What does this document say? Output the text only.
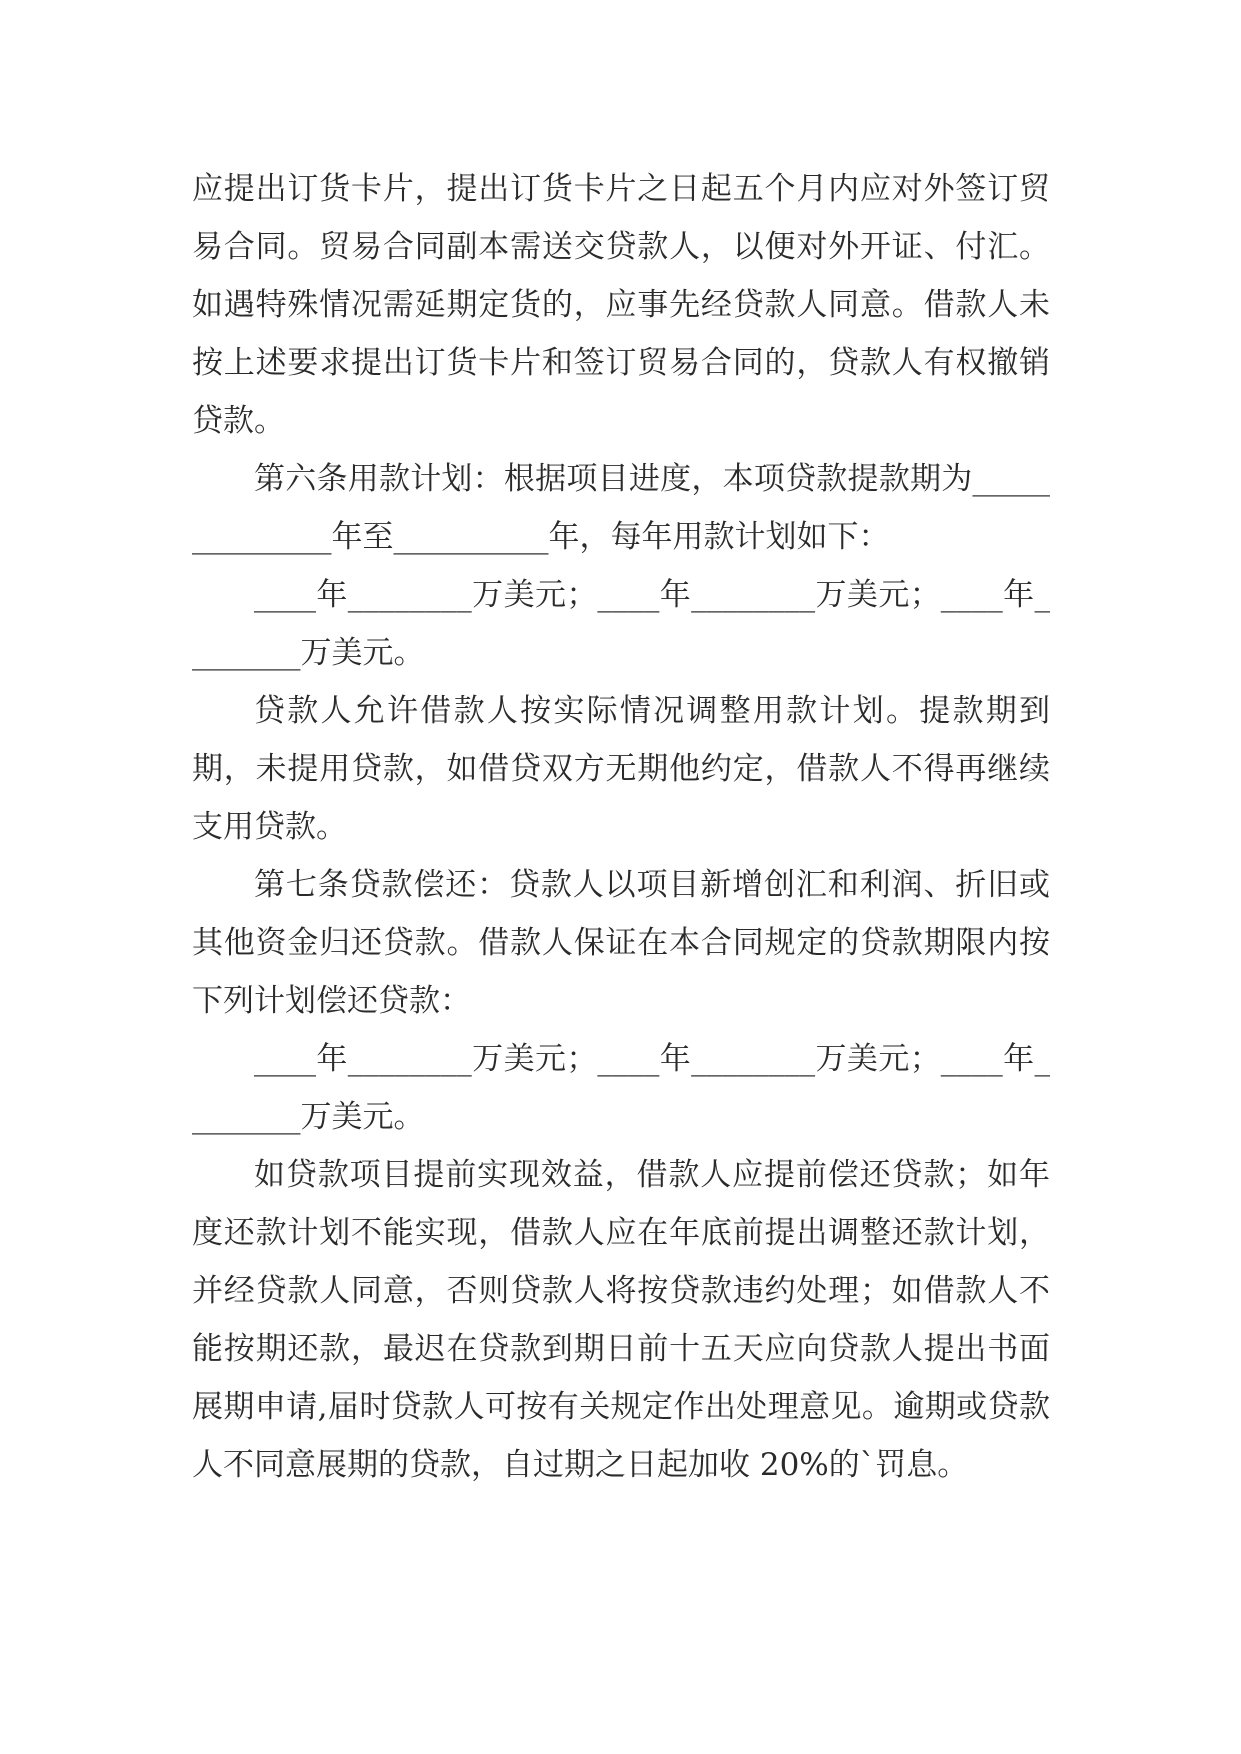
应提出订货卡片，提出订货卡片之日起五个月内应对外签订贸易合同。贸易合同副本需送交贷款人，以便对外开证、付汇。如遇特殊情况需延期定货的，应事先经贷款人同意。借款人未按上述要求提出订货卡片和签订贸易合同的，贷款人有权撤销贷款。

第六条用款计划：根据项目进度，本项贷款提款期为______________年至__________年，每年用款计划如下：

____年________万美元；____年________万美元；____年________万美元。

贷款人允许借款人按实际情况调整用款计划。提款期到期，未提用贷款，如借贷双方无期他约定，借款人不得再继续支用贷款。

第七条贷款偿还：贷款人以项目新增创汇和利润、折旧或其他资金归还贷款。借款人保证在本合同规定的贷款期限内按下列计划偿还贷款：

____年________万美元；____年________万美元；____年________万美元。

如贷款项目提前实现效益，借款人应提前偿还贷款；如年度还款计划不能实现，借款人应在年底前提出调整还款计划，并经贷款人同意，否则贷款人将按贷款违约处理；如借款人不能按期还款，最迟在贷款到期日前十五天应向贷款人提出书面展期申请,届时贷款人可按有关规定作出处理意见。逾期或贷款人不同意展期的贷款，自过期之日起加收 20%的`罚息。
